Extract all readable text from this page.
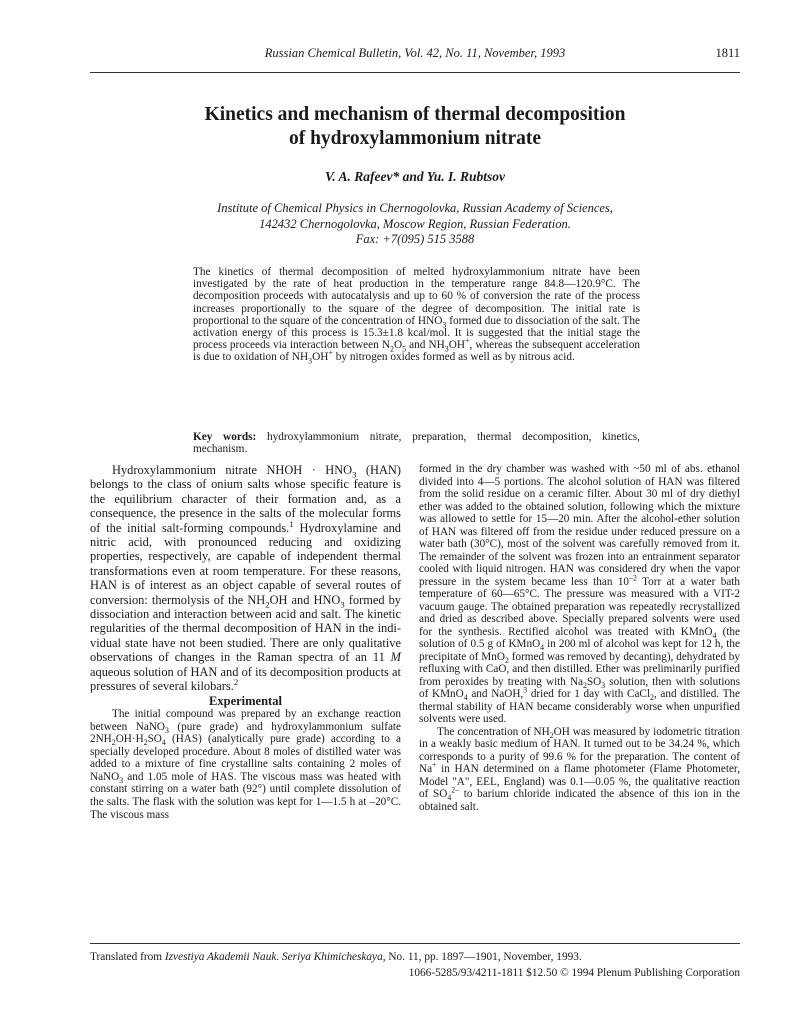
Russian Chemical Bulletin, Vol. 42, No. 11, November, 1993	1811
Kinetics and mechanism of thermal decomposition
of hydroxylammonium nitrate
V. A. Rafeev* and Yu. I. Rubtsov
Institute of Chemical Physics in Chernogolovka, Russian Academy of Sciences,
142432 Chernogolovka, Moscow Region, Russian Federation.
Fax: +7(095) 515 3588

The kinetics of thermal decomposition of melted hydroxylammonium nitrate have been investigated by the rate of heat production in the temperature range 84.8—120.9°C. The decomposition proceeds with autocatalysis and up to 60 % of conversion the rate of the process increases proportionally to the square of the degree of decomposition. The initial rate is proportional to the square of the concentration of $HNO_3$ formed due to dissociation of the salt. The activation energy of this process is 15.3±1.8 kcal/mol. It is suggested that the initial stage the process proceeds via interaction between $N_2O_5$ and $NH_3OH^+$, whereas the subsequent acceleration is due to oxidation of $NH_3OH^+$ by nitrogen oxides formed as well as by nitrous acid.

Key words: hydroxylammonium nitrate, preparation, thermal decomposition, kinetics, mechanism.

Hydroxylammonium nitrate NHOH · $HNO_3$ (HAN) belongs to the class of onium salts whose specific feature is the equilibrium character of their formation and, as a consequence, the presence in the salts of the molecular forms of the initial salt-forming compounds.$^1$ Hydroxylamine and nitric acid, with pronounced reducing and oxidizing properties, respectively, are capable of independent thermal transformations even at room temperature. For these reasons, HAN is of interest as an object capable of several routes of conversion: thermolysis of the $NH_2OH$ and $HNO_3$ formed by dissociation and interaction between acid and salt. The kinetic regularities of the thermal decomposition of HAN in the individual state have not been studied. There are only qualitative observations of changes in the Raman spectra of an 11 M aqueous solution of HAN and of its decomposition products at pressures of several kilobars.$^2$

Experimental

The initial compound was prepared by an exchange reaction between NaNO$_3$ (pure grade) and hydroxylammonium sulfate $2NH_2OH\cdot H_2SO_4$ (HAS) (analytically pure grade) according to a specially developed procedure. About 8 moles of distilled water was added to a mixture of fine crystalline salts containing 2 moles of NaNO$_3$ and 1.05 mole of HAS. The viscous mass was heated with constant stirring on a water bath (92°) until complete dissolution of the salts. The flask with the solution was kept for 1—1.5 h at –20°C. The viscous mass

formed in the dry chamber was washed with ~50 ml of abs. ethanol divided into 4—5 portions. The alcohol solution of HAN was filtered from the solid residue on a ceramic filter. About 30 ml of dry diethyl ether was added to the obtained solution, following which the mixture was allowed to settle for 15—20 min. After the alcohol-ether solution of HAN was filtered off from the residue under reduced pressure on a water bath (30°C), most of the solvent was carefully removed from it. The remainder of the solvent was frozen into an entrainment separator cooled with liquid nitrogen. HAN was considered dry when the vapor pressure in the system became less than $10^{-2}$ Torr at a water bath temperature of 60—65°C. The pressure was measured with a VIT-2 vacuum gauge. The obtained preparation was repeatedly recrystallized and dried as described above. Specially prepared solvents were used for the synthesis. Rectified alcohol was treated with KMnO$_4$ (the solution of 0.5 g of KMnO$_4$ in 200 ml of alcohol was kept for 12 h, the precipitate of MnO$_2$ formed was removed by decanting), dehydrated by refluxing with CaO, and then distilled. Ether was preliminarily purified from peroxides by treating with $Na_2SO_3$ solution, then with solutions of KMnO$_4$ and NaOH,$^3$ dried for 1 day with CaCl$_2$, and distilled. The thermal stability of HAN became considerably worse when unpurified solvents were used.

The concentration of $NH_2OH$ was measured by iodometric titration in a weakly basic medium of HAN. It turned out to be 34.24 %, which corresponds to a purity of 99.6 % for the preparation. The content of Na+ in HAN determined on a flame photometer (Flame Photometer, Model "A", EEL, England) was 0.1—0.05 %, the qualitative reaction of $SO_4^{2-}$ to barium chloride indicated the absence of this ion in the obtained salt.

Translated from Izvestiya Akademii Nauk. Seriya Khimicheskaya, No. 11, pp. 1897—1901, November, 1993.
1066-5285/93/4211-1811 $12.50 © 1994 Plenum Publishing Corporation
